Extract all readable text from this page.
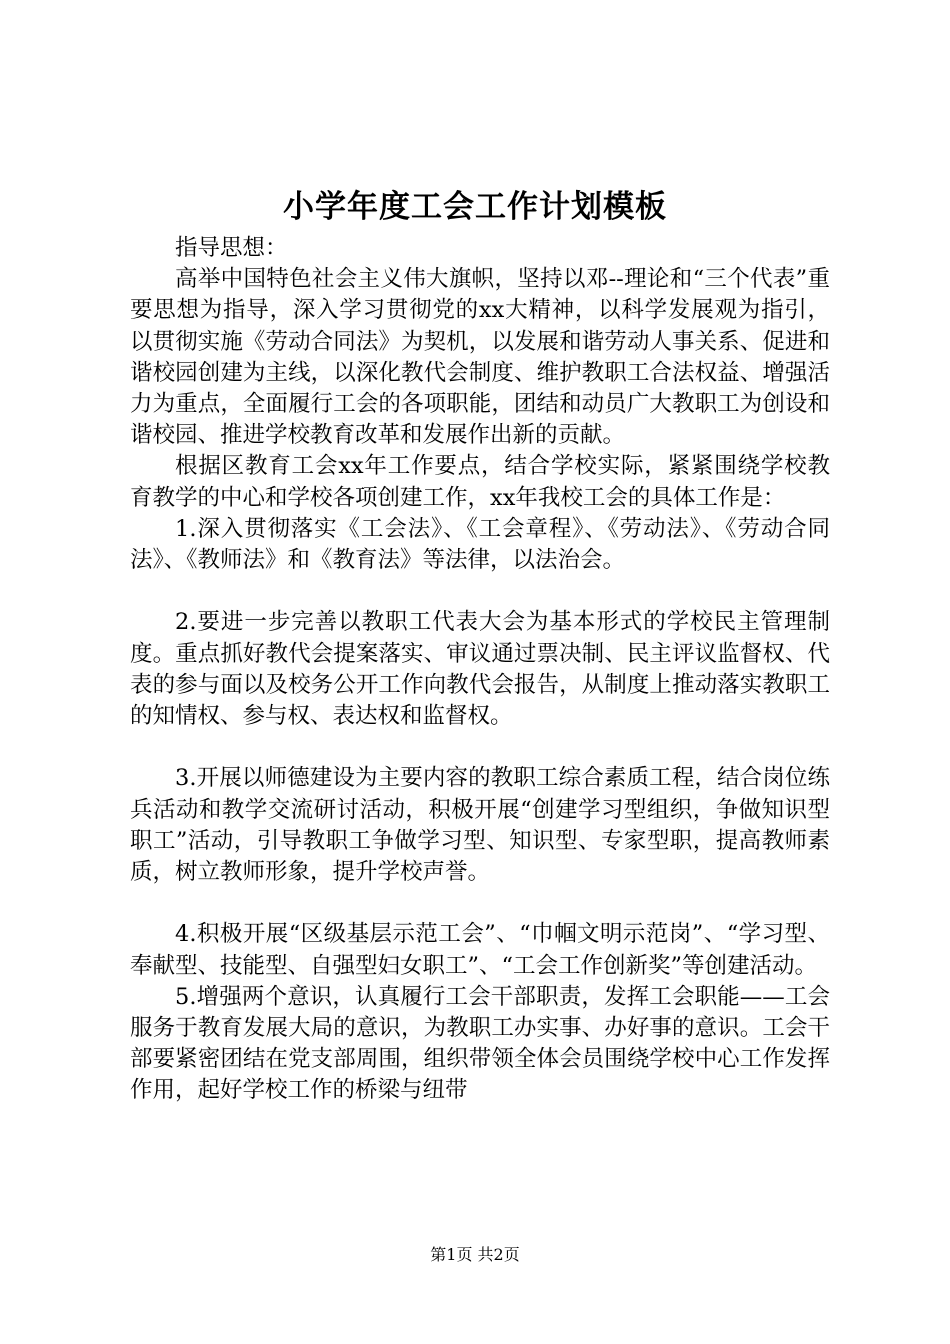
小学年度工会工作计划模板

指导思想：

高举中国特色社会主义伟大旗帜，坚持以邓--理论和“三个代表”重要思想为指导，深入学习贯彻党的xx大精神，以科学发展观为指引，以贯彻实施《劳动合同法》为契机，以发展和谐劳动人事关系、促进和谐校园创建为主线，以深化教代会制度、维护教职工合法权益、增强活力为重点，全面履行工会的各项职能，团结和动员广大教职工为创设和谐校园、推进学校教育改革和发展作出新的贡献。

根据区教育工会xx年工作要点，结合学校实际，紧紧围绕学校教育教学的中心和学校各项创建工作，xx年我校工会的具体工作是：

1.深入贯彻落实《工会法》、《工会章程》、《劳动法》、《劳动合同法》、《教师法》和《教育法》等法律，以法治会。

2.要进一步完善以教职工代表大会为基本形式的学校民主管理制度。重点抓好教代会提案落实、审议通过票决制、民主评议监督权、代表的参与面以及校务公开工作向教代会报告，从制度上推动落实教职工的知情权、参与权、表达权和监督权。

3.开展以师德建设为主要内容的教职工综合素质工程，结合岗位练兵活动和教学交流研讨活动，积极开展“创建学习型组织，争做知识型职工”活动，引导教职工争做学习型、知识型、专家型职，提高教师素质，树立教师形象，提升学校声誉。

4.积极开展“区级基层示范工会”、“巾帼文明示范岗”、“学习型、奉献型、技能型、自强型妇女职工”、“工会工作创新奖”等创建活动。

5.增强两个意识，认真履行工会干部职责，发挥工会职能——工会服务于教育发展大局的意识，为教职工办实事、办好事的意识。工会干部要紧密团结在党支部周围，组织带领全体会员围绕学校中心工作发挥作用，起好学校工作的桥梁与纽带

第1页 共2页
